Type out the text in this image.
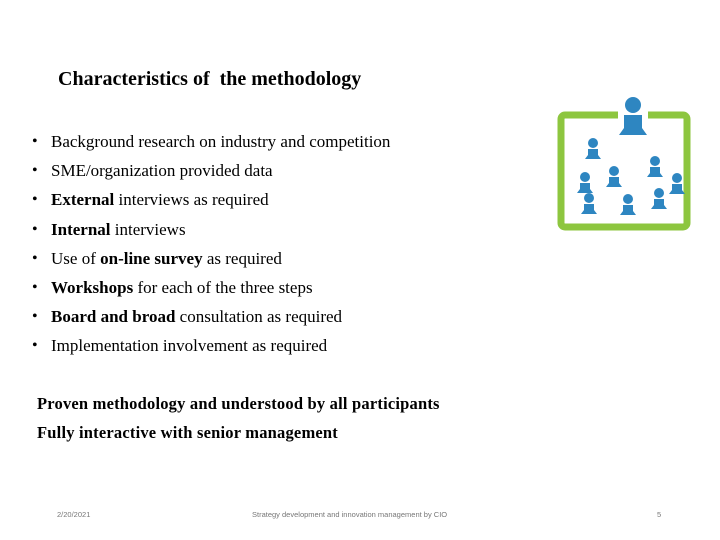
Characteristics of  the methodology
• Background research on industry and competition
• SME/organization provided data
• External interviews as required
• Internal interviews
• Use of on-line survey as required
• Workshops for each of the three steps
• Board and broad consultation as required
• Implementation involvement as required
Proven methodology and understood by all participants
Fully interactive with senior management
2/20/2021	Strategy development and innovation management by CIO	5
